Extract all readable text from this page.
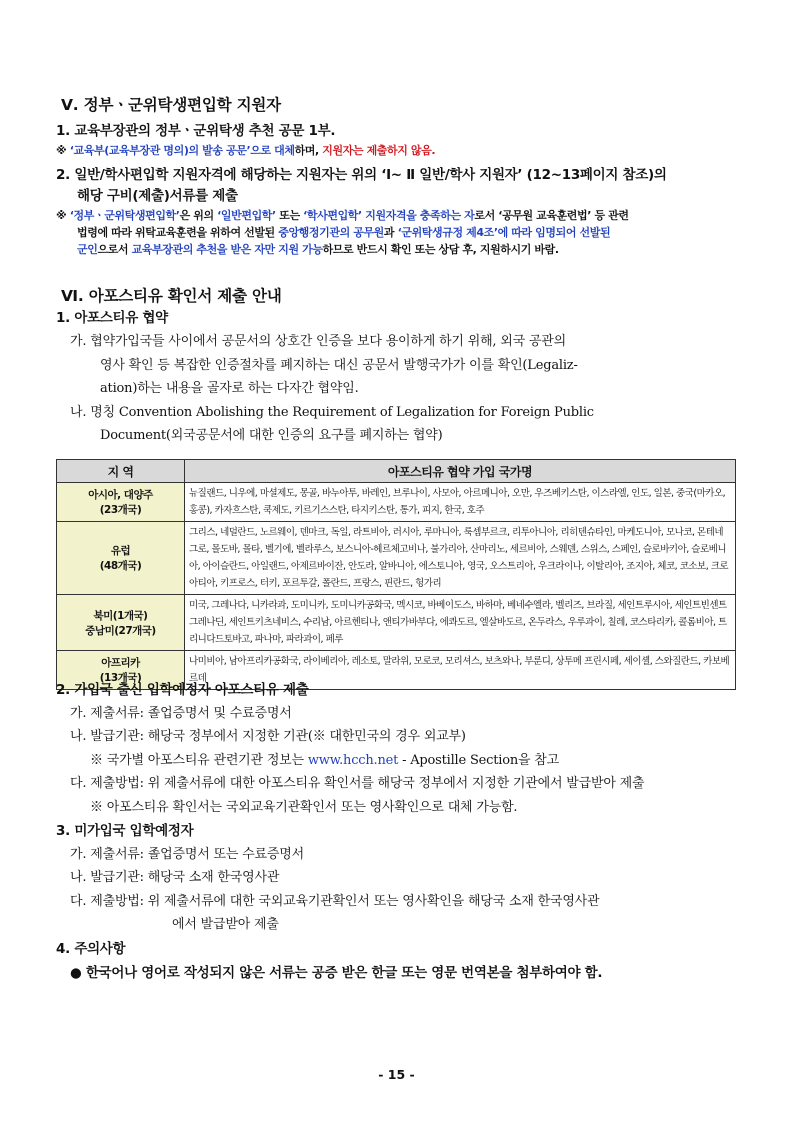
Ⅴ. 정부ㆍ군위탁생편입학 지원자
1. 교육부장관의 정부ㆍ군위탁생 추천 공문 1부.
※ ‘교육부(교육부장관 명의)의 발송 공문’으로 대체하며, 지원자는 제출하지 않음.
2. 일반/학사편입학 지원자격에 해당하는 지원자는 위의 ‘Ⅰ~ Ⅱ 일반/학사 지원자’ (12~13페이지 참조)의
해당 구비(제출)서류를 제출
※ ‘정부ㆍ군위탁생편입학’은 위의 ‘일반편입학’ 또는 ‘학사편입학’ 지원자격을 충족하는 자로서 ‘공무원 교육훈련법’ 등 관련
법령에 따라 위탁교육훈련을 위하여 선발된 중앙행정기관의 공무원과 ‘군위탁생규정 제4조’에 따라 임명되어 선발된
군인으로서 교육부장관의 추천을 받은 자만 지원 가능하므로 반드시 확인 또는 상담 후, 지원하시기 바람.
Ⅵ. 아포스티유 확인서 제출 안내
1. 아포스티유 협약
가. 협약가입국들 사이에서 공문서의 상호간 인증을 보다 용이하게 하기 위해, 외국 공관의
영사 확인 등 복잡한 인증절차를 폐지하는 대신 공문서 발행국가가 이를 확인(Legaliz-
ation)하는 내용을 골자로 하는 다자간 협약임.
나. 명칭 Convention Abolishing the Requirement of Legalization for Foreign Public
Document(외국공문서에 대한 인증의 요구를 폐지하는 협약)
지 역	아포스티유 협약 가입 국가명
아시아, 대양주
(23개국)	뉴질랜드, 니우에, 마셜제도, 몽골, 바누아투, 바레인, 브루나이, 사모아, 아르메니아, 오만, 우즈베키스탄, 이스라엘, 인도, 일본, 중국(마카오, 홍콩), 카자흐스탄, 쿡제도, 키르기스스탄, 타지키스탄, 통가, 피지, 한국, 호주
유럽
(48개국)	그리스, 네덜란드, 노르웨이, 덴마크, 독일, 라트비아, 러시아, 루마니아, 룩셈부르크, 리투아니아, 리히텐슈타인, 마케도니아, 모나코, 몬테네그로, 몰도바, 몰타, 벨기에, 벨라루스, 보스니아-헤르체고비나, 불가리아, 산마리노, 세르비아, 스웨덴, 스위스, 스페인, 슬로바키아, 슬로베니아, 아이슬란드, 아일랜드, 아제르바이잔, 안도라, 알바니아, 에스토니아, 영국, 오스트리아, 우크라이나, 이탈리아, 조지아, 체코, 코소보, 크로아티아, 키프로스, 터키, 포르투갈, 폴란드, 프랑스, 핀란드, 헝가리
북미(1개국)
중남미(27개국)	미국, 그레나다, 니카라과, 도미니카, 도미니카공화국, 멕시코, 바베이도스, 바하마, 베네수엘라, 벨리즈, 브라질, 세인트루시아, 세인트빈센트 그레나딘, 세인트키츠네비스, 수리남, 아르헨티나, 앤티가바부다, 에콰도르, 엘살바도르, 온두라스, 우루과이, 칠레, 코스타리카, 콜롬비아, 트리니다드토바고, 파나마, 파라과이, 페루
아프리카
(13개국)	나미비아, 남아프리카공화국, 라이베리아, 레소토, 말라위, 모로코, 모리셔스, 보츠와나, 부룬디, 상투메 프린시페, 세이셸, 스와질란드, 카보베르데
2. 가입국 출신 입학예정자 아포스티유 제출
가. 제출서류: 졸업증명서 및 수료증명서
나. 발급기관: 해당국 정부에서 지정한 기관(※ 대한민국의 경우 외교부)
※ 국가별 아포스티유 관련기관 정보는 www.hcch.net - Apostille Section을 참고
다. 제출방법: 위 제출서류에 대한 아포스티유 확인서를 해당국 정부에서 지정한 기관에서 발급받아 제출
※ 아포스티유 확인서는 국외교육기관확인서 또는 영사확인으로 대체 가능함.
3. 미가입국 입학예정자
가. 제출서류: 졸업증명서 또는 수료증명서
나. 발급기관: 해당국 소재 한국영사관
다. 제출방법: 위 제출서류에 대한 국외교육기관확인서 또는 영사확인을 해당국 소재 한국영사관
에서 발급받아 제출
4. 주의사항
● 한국어나 영어로 작성되지 않은 서류는 공증 받은 한글 또는 영문 번역본을 첨부하여야 함.
- 15 -
